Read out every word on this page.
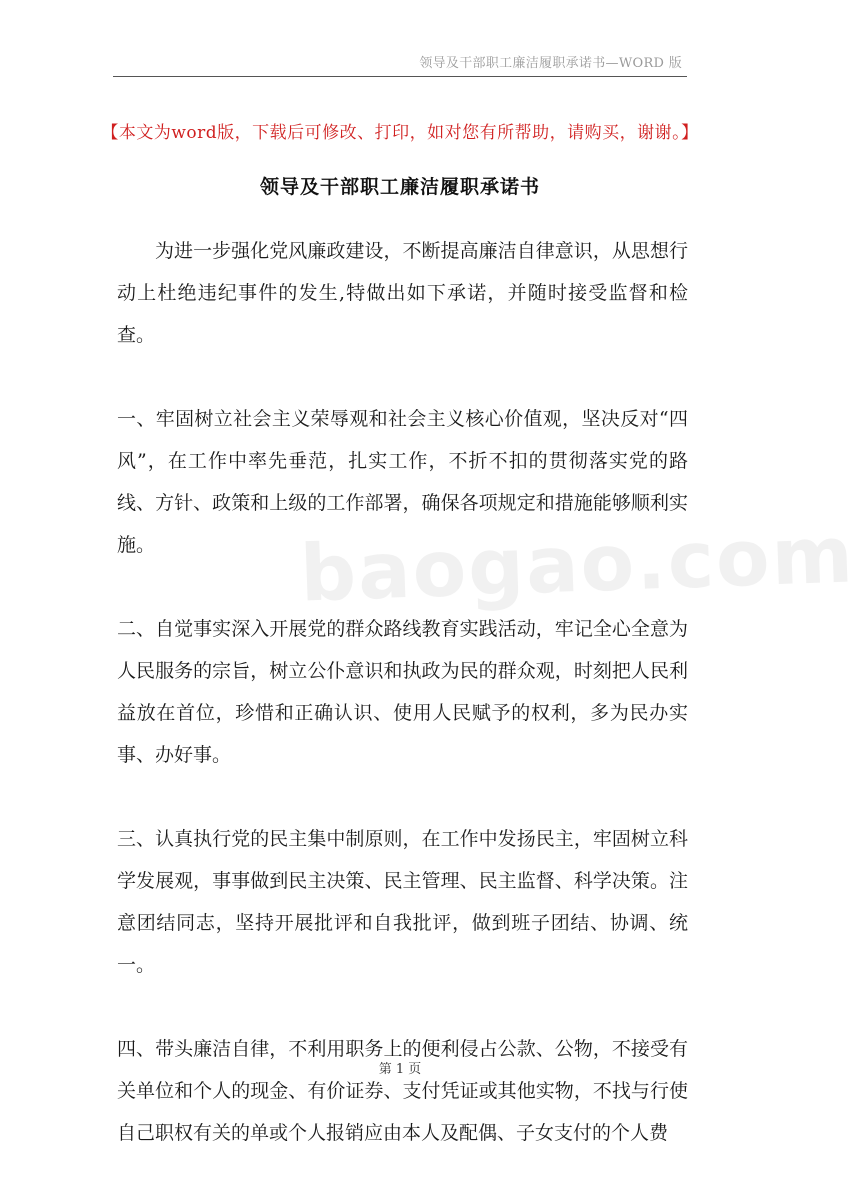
领导及干部职工廉洁履职承诺书—WORD 版
【本文为word版，下载后可修改、打印，如对您有所帮助，请购买，谢谢。】
领导及干部职工廉洁履职承诺书
baogao.com

为进一步强化党风廉政建设，不断提高廉洁自律意识，从思想行动上杜绝违纪事件的发生,特做出如下承诺，并随时接受监督和检查。

一、牢固树立社会主义荣辱观和社会主义核心价值观，坚决反对“四风”，在工作中率先垂范，扎实工作，不折不扣的贯彻落实党的路线、方针、政策和上级的工作部署，确保各项规定和措施能够顺利实施。

二、自觉事实深入开展党的群众路线教育实践活动，牢记全心全意为人民服务的宗旨，树立公仆意识和执政为民的群众观，时刻把人民利益放在首位，珍惜和正确认识、使用人民赋予的权利，多为民办实事、办好事。

三、认真执行党的民主集中制原则，在工作中发扬民主，牢固树立科学发展观，事事做到民主决策、民主管理、民主监督、科学决策。注意团结同志，坚持开展批评和自我批评，做到班子团结、协调、统一。

四、带头廉洁自律，不利用职务上的便利侵占公款、公物，不接受有关单位和个人的现金、有价证券、支付凭证或其他实物，不找与行使自己职权有关的单或个人报销应由本人及配偶、子女支付的个人费

第 1 页
